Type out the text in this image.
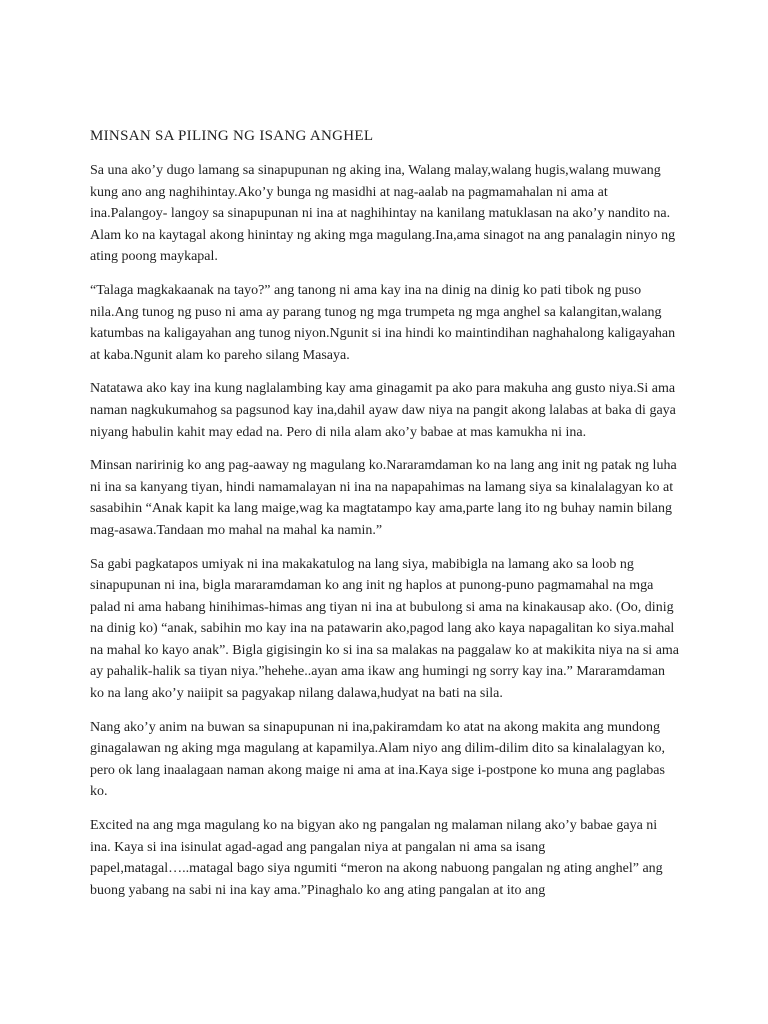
MINSAN SA PILING NG ISANG ANGHEL

Sa una ako’y dugo lamang sa sinapupunan ng aking ina, Walang malay,walang hugis,walang muwang kung ano ang naghihintay.Ako’y bunga ng masidhi at nag-aalab na pagmamahalan ni ama at ina.Palangoy- langoy sa sinapupunan ni ina at naghihintay na kanilang matuklasan na ako’y nandito na. Alam ko na kaytagal akong hinintay ng aking mga magulang.Ina,ama sinagot na ang panalagin ninyo ng ating poong maykapal.

“Talaga magkakaanak na tayo?” ang tanong ni ama kay ina na dinig na dinig ko pati tibok ng puso nila.Ang tunog ng puso ni ama ay parang tunog ng mga trumpeta ng mga anghel sa kalangitan,walang katumbas na kaligayahan ang tunog niyon.Ngunit si ina hindi ko maintindihan naghahalong kaligayahan at kaba.Ngunit alam ko pareho silang Masaya.

Natatawa ako kay ina kung naglalambing kay ama ginagamit pa ako para makuha ang gusto niya.Si ama naman nagkukumahog sa pagsunod kay ina,dahil ayaw daw niya na pangit akong lalabas at baka di gaya niyang habulin kahit may edad na. Pero di nila alam ako’y babae at mas kamukha ni ina.

Minsan naririnig ko ang pag-aaway ng magulang ko.Nararamdaman ko na lang ang init ng patak ng luha ni ina sa kanyang tiyan, hindi namamalayan ni ina na napapahimas na lamang siya sa kinalalagyan ko at sasabihin “Anak kapit ka lang maige,wag ka magtatampo kay ama,parte lang ito ng buhay namin bilang mag-asawa.Tandaan mo mahal na mahal ka namin.”

Sa gabi pagkatapos umiyak ni ina makakatulog na lang siya, mabibigla na lamang ako sa loob ng sinapupunan ni ina, bigla mararamdaman ko ang init ng haplos at punong-puno pagmamahal na mga palad ni ama habang hinihimas-himas ang tiyan ni ina at bubulong si ama na kinakausap ako. (Oo, dinig na dinig ko) “anak, sabihin mo kay ina na patawarin ako,pagod lang ako kaya napagalitan ko siya.mahal na mahal ko kayo anak”. Bigla gigisingin ko si ina sa malakas na paggalaw ko at makikita niya na si ama ay pahalik-halik sa tiyan niya.”hehehe..ayan ama ikaw ang humingi ng sorry kay ina.” Mararamdaman ko na lang ako’y naiipit sa pagyakap nilang dalawa,hudyat na bati na sila.

Nang ako’y anim na buwan sa sinapupunan ni ina,pakiramdam ko atat na akong makita ang mundong ginagalawan ng aking mga magulang at kapamilya.Alam niyo ang dilim-dilim dito sa kinalalagyan ko, pero ok lang inaalagaan naman akong maige ni ama at ina.Kaya sige i-postpone ko muna ang paglabas ko.

Excited na ang mga magulang ko na bigyan ako ng pangalan ng malaman nilang ako’y babae gaya ni ina. Kaya si ina isinulat agad-agad ang pangalan niya at pangalan ni ama sa isang papel,matagal…..matagal bago siya ngumiti “meron na akong nabuong pangalan ng ating anghel” ang buong yabang na sabi ni ina kay ama.”Pinaghalo ko ang ating pangalan at ito ang
